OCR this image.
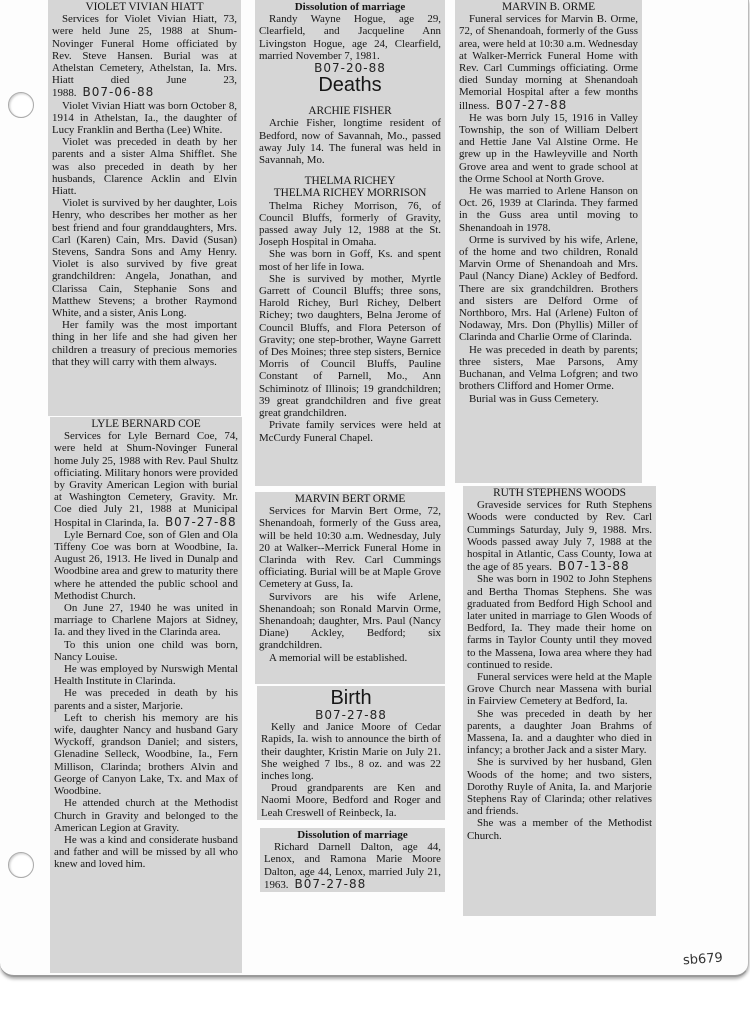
VIOLET VIVIAN HIATT

Services for Violet Vivian Hiatt, 73, were held June 25, 1988 at Shum-Novinger Funeral Home officiated by Rev. Steve Hansen. Burial was at Athelstan Cemetery, Athelstan, Ia. Mrs. Hiatt died June 23, 1988. B07-06-88

Violet Vivian Hiatt was born October 8, 1914 in Athelstan, Ia., the daughter of Lucy Franklin and Bertha (Lee) White.

Violet was preceded in death by her parents and a sister Alma Shifflet. She was also preceded in death by her husbands, Clarence Acklin and Elvin Hiatt.

Violet is survived by her daughter, Lois Henry, who describes her mother as her best friend and four granddaughters, Mrs. Carl (Karen) Cain, Mrs. David (Susan) Stevens, Sandra Sons and Amy Henry. Violet is also survived by five great grandchildren: Angela, Jonathan, and Clarissa Cain, Stephanie Sons and Matthew Stevens; a brother Raymond White, and a sister, Anis Long.

Her family was the most important thing in her life and she had given her children a treasury of precious memories that they will carry with them always.

LYLE BERNARD COE

Services for Lyle Bernard Coe, 74, were held at Shum-Novinger Funeral home July 25, 1988 with Rev. Paul Shultz officiating. Military honors were provided by Gravity American Legion with burial at Washington Cemetery, Gravity. Mr. Coe died July 21, 1988 at Municipal Hospital in Clarinda, Ia. B07-27-88

Lyle Bernard Coe, son of Glen and Ola Tiffeny Coe was born at Woodbine, Ia. August 26, 1913. He lived in Dunalp and Woodbine area and grew to maturity there where he attended the public school and Methodist Church.

On June 27, 1940 he was united in marriage to Charlene Majors at Sidney, Ia. and they lived in the Clarinda area.

To this union one child was born, Nancy Louise.

He was employed by Nurswigh Mental Health Institute in Clarinda.

He was preceded in death by his parents and a sister, Marjorie.

Left to cherish his memory are his wife, daughter Nancy and husband Gary Wyckoff, grandson Daniel; and sisters, Glenadine Selleck, Woodbine, Ia., Fern Millison, Clarinda; brothers Alvin and George of Canyon Lake, Tx. and Max of Woodbine.

He attended church at the Methodist Church in Gravity and belonged to the American Legion at Gravity.

He was a kind and considerate husband and father and will be missed by all who knew and loved him.

Dissolution of marriage

Randy Wayne Hogue, age 29, Clearfield, and Jacqueline Ann Livingston Hogue, age 24, Clearfield, married November 7, 1981.

B07-20-88
Deaths
ARCHIE FISHER

Archie Fisher, longtime resident of Bedford, now of Savannah, Mo., passed away July 14. The funeral was held in Savannah, Mo.

THELMA RICHEY
THELMA RICHEY MORRISON

Thelma Richey Morrison, 76, of Council Bluffs, formerly of Gravity, passed away July 12, 1988 at the St. Joseph Hospital in Omaha.

She was born in Goff, Ks. and spent most of her life in Iowa.

She is survived by mother, Myrtle Garrett of Council Bluffs; three sons, Harold Richey, Burl Richey, Delbert Richey; two daughters, Belna Jerome of Council Bluffs, and Flora Peterson of Gravity; one step-brother, Wayne Garrett of Des Moines; three step sisters, Bernice Morris of Council Bluffs, Pauline Constant of Parnell, Mo., Ann Schiminotz of Illinois; 19 grandchildren; 39 great grandchildren and five great great grandchildren.

Private family services were held at McCurdy Funeral Chapel.

MARVIN BERT ORME

Services for Marvin Bert Orme, 72, Shenandoah, formerly of the Guss area, will be held 10:30 a.m. Wednesday, July 20 at Walker--Merrick Funeral Home in Clarinda with Rev. Carl Cummings officiating. Burial will be at Maple Grove Cemetery at Guss, Ia.

Survivors are his wife Arlene, Shenandoah; son Ronald Marvin Orme, Shenandoah; daughter, Mrs. Paul (Nancy Diane) Ackley, Bedford; six grandchildren.

A memorial will be established.

Birth
B07-27-88

Kelly and Janice Moore of Cedar Rapids, Ia. wish to announce the birth of their daughter, Kristin Marie on July 21. She weighed 7 lbs., 8 oz. and was 22 inches long.

Proud grandparents are Ken and Naomi Moore, Bedford and Roger and Leah Creswell of Reinbeck, Ia.

Dissolution of marriage

Richard Darnell Dalton, age 44, Lenox, and Ramona Marie Moore Dalton, age 44, Lenox, married July 21, 1963. B07-27-88

MARVIN B. ORME

Funeral services for Marvin B. Orme, 72, of Shenandoah, formerly of the Guss area, were held at 10:30 a.m. Wednesday at Walker-Merrick Funeral Home with Rev. Carl Cummings officiating. Orme died Sunday morning at Shenandoah Memorial Hospital after a few months illness. B07-27-88

He was born July 15, 1916 in Valley Township, the son of William Delbert and Hettie Jane Val Alstine Orme. He grew up in the Hawleyville and North Grove area and went to grade school at the Orme School at North Grove.

He was married to Arlene Hanson on Oct. 26, 1939 at Clarinda. They farmed in the Guss area until moving to Shenandoah in 1978.

Orme is survived by his wife, Arlene, of the home and two children, Ronald Marvin Orme of Shenandoah and Mrs. Paul (Nancy Diane) Ackley of Bedford. There are six grandchildren. Brothers and sisters are Delford Orme of Northboro, Mrs. Hal (Arlene) Fulton of Nodaway, Mrs. Don (Phyllis) Miller of Clarinda and Charlie Orme of Clarinda.

He was preceded in death by parents; three sisters, Mae Parsons, Amy Buchanan, and Velma Lofgren; and two brothers Clifford and Homer Orme.

Burial was in Guss Cemetery.

RUTH STEPHENS WOODS

Graveside services for Ruth Stephens Woods were conducted by Rev. Carl Cummings Saturday, July 9, 1988. Mrs. Woods passed away July 7, 1988 at the hospital in Atlantic, Cass County, Iowa at the age of 85 years. B07-13-88

She was born in 1902 to John Stephens and Bertha Thomas Stephens. She was graduated from Bedford High School and later united in marriage to Glen Woods of Bedford, Ia. They made their home on farms in Taylor County until they moved to the Massena, Iowa area where they had continued to reside.

Funeral services were held at the Maple Grove Church near Massena with burial in Fairview Cemetery at Bedford, Ia.

She was preceded in death by her parents, a daughter Joan Brahms of Massena, Ia. and a daughter who died in infancy; a brother Jack and a sister Mary.

She is survived by her husband, Glen Woods of the home; and two sisters, Dorothy Ruyle of Anita, Ia. and Marjorie Stephens Ray of Clarinda; other relatives and friends.

She was a member of the Methodist Church.

sb679
